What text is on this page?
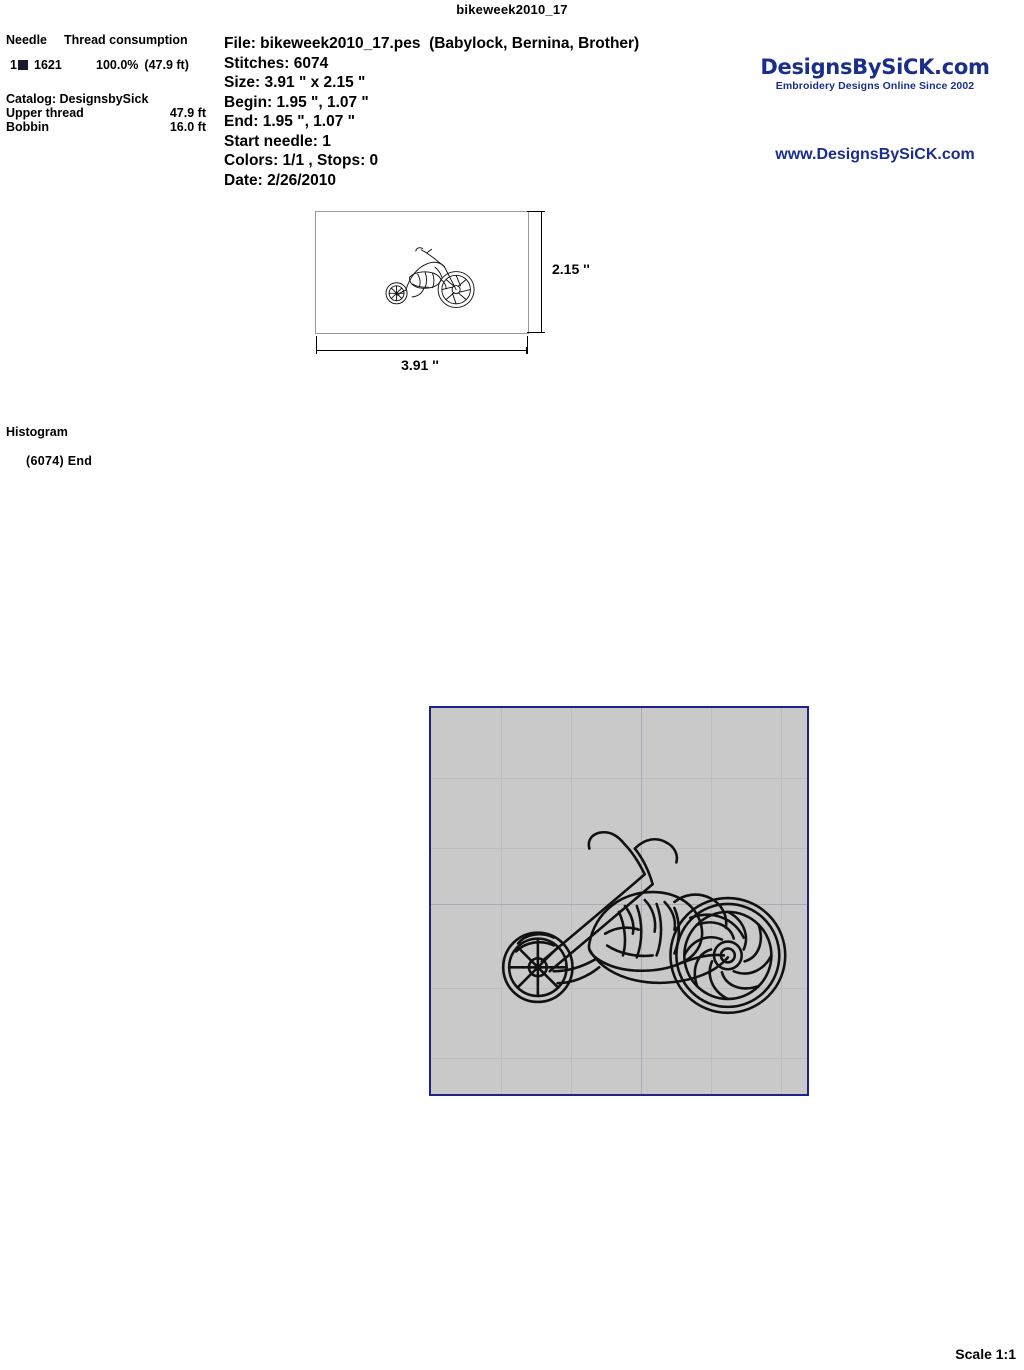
bikeweek2010_17
Needle	Thread consumption
1 1621	100.0% (47.9 ft)
Catalog: DesignsbySick
Upper thread	47.9 ft
Bobbin	16.0 ft
File: bikeweek2010_17.pes  (Babylock, Bernina, Brother)
Stitches: 6074
Size: 3.91 " x 2.15 "
Begin: 1.95 ", 1.07 "
End: 1.95 ", 1.07 "
Start needle: 1
Colors: 1/1 , Stops: 0
Date: 2/26/2010
DesignsBySiCK.com
Embroidery Designs Online Since 2002
www.DesignsBySiCK.com
2.15 ''
3.91 ''
Histogram
(6074) End
Scale 1:1
